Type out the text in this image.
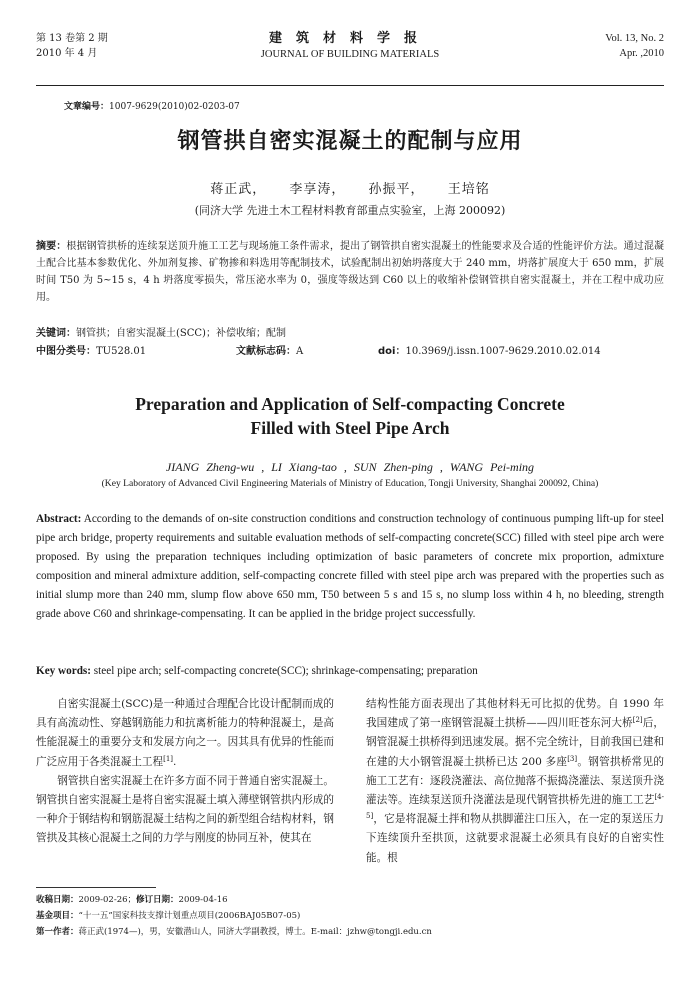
第 13 卷第 2 期
2010 年 4 月
建筑材料学报
JOURNAL OF BUILDING MATERIALS
Vol. 13, No. 2
Apr. ,2010
文章编号：1007-9629(2010)02-0203-07
钢管拱自密实混凝土的配制与应用
蒋正武， 李享涛， 孙振平， 王培铭
(同济大学 先进土木工程材料教育部重点实验室，上海 200092)
摘要：根据钢管拱桥的连续泵送顶升施工工艺与现场施工条件需求，提出了钢管拱自密实混凝土的性能要求及合适的性能评价方法。通过混凝土配合比基本参数优化、外加剂复掺、矿物掺和料选用等配制技术，试验配制出初始坍落度大于 240 mm，坍落扩展度大于 650 mm，扩展时间 T50 为 5~15 s，4 h 坍落度零损失，常压泌水率为 0，强度等级达到 C60 以上的收缩补偿钢管拱自密实混凝土，并在工程中成功应用。
关键词：钢管拱；自密实混凝土(SCC)；补偿收缩；配制
中图分类号：TU528.01	文献标志码：A	doi：10.3969/j.issn.1007-9629.2010.02.014
Preparation and Application of Self-compacting Concrete
Filled with Steel Pipe Arch
JIANG Zheng-wu , LI Xiang-tao , SUN Zhen-ping , WANG Pei-ming
(Key Laboratory of Advanced Civil Engineering Materials of Ministry of Education, Tongji University, Shanghai 200092, China)
Abstract: According to the demands of on-site construction conditions and construction technology of continuous pumping lift-up for steel pipe arch bridge, property requirements and suitable evaluation methods of self-compacting concrete(SCC) filled with steel pipe arch were proposed. By using the preparation techniques including optimization of basic parameters of concrete mix proportion, admixture composition and mineral admixture addition, self-compacting concrete filled with steel pipe arch was prepared with the properties such as initial slump more than 240 mm, slump flow above 650 mm, T50 between 5 s and 15 s, no slump loss within 4 h, no bleeding, strength grade above C60 and shrinkage-compensating. It can be applied in the bridge project successfully.
Key words: steel pipe arch; self-compacting concrete(SCC); shrinkage-compensating; preparation

自密实混凝土(SCC)是一种通过合理配合比设计配制而成的具有高流动性、穿越钢筋能力和抗离析能力的特种混凝土，是高性能混凝土的重要分支和发展方向之一。因其具有优异的性能而广泛应用于各类混凝土工程[1].

钢管拱自密实混凝土在许多方面不同于普通自密实混凝土。钢管拱自密实混凝土是将自密实混凝土填入薄壁钢管拱内形成的一种介于钢结构和钢筋混凝土结构之间的新型组合结构材料，钢管拱及其核心混凝土之间的力学与刚度的协同互补，使其在

结构性能方面表现出了其他材料无可比拟的优势。自 1990 年我国建成了第一座钢管混凝土拱桥——四川旺苍东河大桥[2]后，钢管混凝土拱桥得到迅速发展。据不完全统计，目前我国已建和在建的大小钢管混凝土拱桥已达 200 多座[3]。钢管拱桥常见的施工工艺有：逐段浇灌法、高位抛落不振捣浇灌法、泵送顶升浇灌法等。连续泵送顶升浇灌法是现代钢管拱桥先进的施工工艺[4-5]，它是将混凝土拌和物从拱脚灌注口压入，在一定的泵送压力下连续顶升至拱顶，这就要求混凝土必须具有良好的自密实性能。根

收稿日期：2009-02-26；修订日期：2009-04-16
基金项目：“十一五”国家科技支撑计划重点项目(2006BAJ05B07-05)
第一作者：蒋正武(1974—)，男，安徽潜山人，同济大学副教授，博士。E-mail：jzhw@tongji.edu.cn
